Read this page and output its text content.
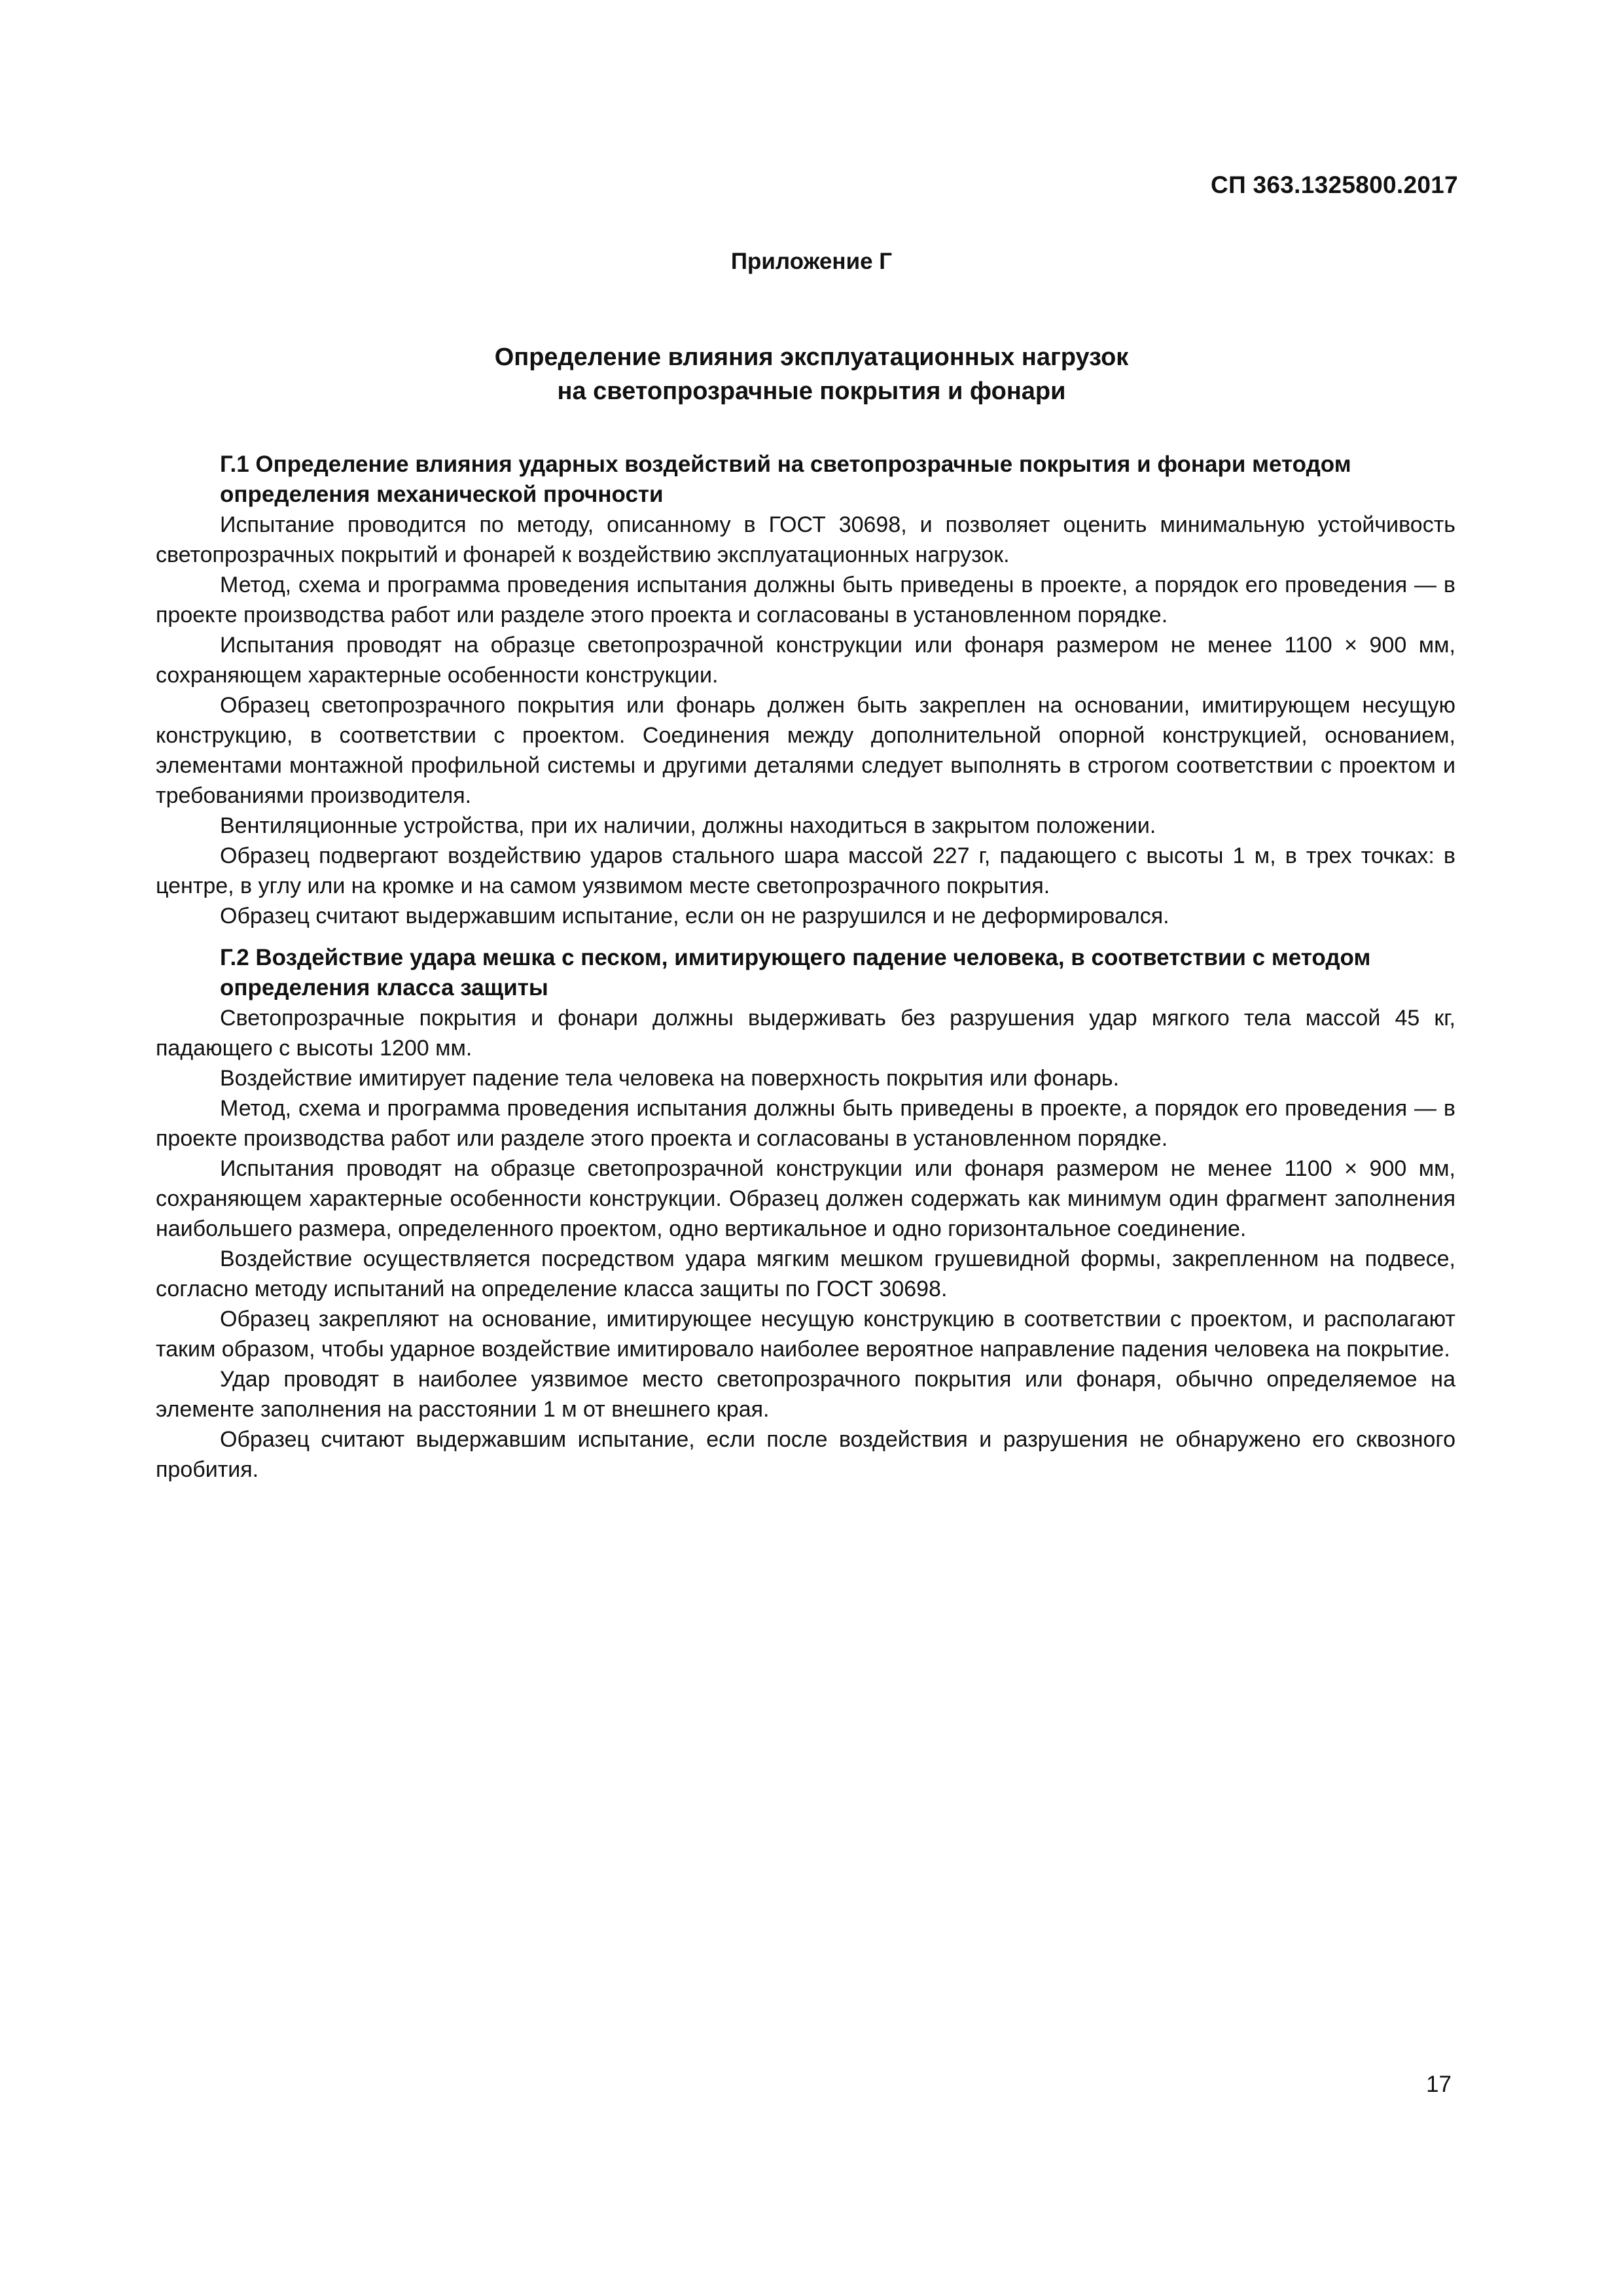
СП 363.1325800.2017
Приложение Г
Определение влияния эксплуатационных нагрузок
на светопрозрачные покрытия и фонари

Г.1 Определение влияния ударных воздействий на светопрозрачные покрытия и фонари методом определения механической прочности

Испытание проводится по методу, описанному в ГОСТ 30698, и позволяет оценить минимальную устойчивость светопрозрачных покрытий и фонарей к воздействию эксплуатационных нагрузок.

Метод, схема и программа проведения испытания должны быть приведены в проекте, а порядок его проведения — в проекте производства работ или разделе этого проекта и согласованы в установленном порядке.

Испытания проводят на образце светопрозрачной конструкции или фонаря размером не менее 1100 × 900 мм, сохраняющем характерные особенности конструкции.

Образец светопрозрачного покрытия или фонарь должен быть закреплен на основании, имитирующем несущую конструкцию, в соответствии с проектом. Соединения между дополнительной опорной конструкцией, основанием, элементами монтажной профильной системы и другими деталями следует выполнять в строгом соответствии с проектом и требованиями производителя.

Вентиляционные устройства, при их наличии, должны находиться в закрытом положении.

Образец подвергают воздействию ударов стального шара массой 227 г, падающего с высоты 1 м, в трех точках: в центре, в углу или на кромке и на самом уязвимом месте светопрозрачного покрытия.

Образец считают выдержавшим испытание, если он не разрушился и не деформировался.

Г.2 Воздействие удара мешка с песком, имитирующего падение человека, в соответствии с методом определения класса защиты

Светопрозрачные покрытия и фонари должны выдерживать без разрушения удар мягкого тела массой 45 кг, падающего с высоты 1200 мм.

Воздействие имитирует падение тела человека на поверхность покрытия или фонарь.

Метод, схема и программа проведения испытания должны быть приведены в проекте, а порядок его проведения — в проекте производства работ или разделе этого проекта и согласованы в установленном порядке.

Испытания проводят на образце светопрозрачной конструкции или фонаря размером не менее 1100 × 900 мм, сохраняющем характерные особенности конструкции. Образец должен содержать как минимум один фрагмент заполнения наибольшего размера, определенного проектом, одно вертикальное и одно горизонтальное соединение.

Воздействие осуществляется посредством удара мягким мешком грушевидной формы, закрепленном на подвесе, согласно методу испытаний на определение класса защиты по ГОСТ 30698.

Образец закрепляют на основание, имитирующее несущую конструкцию в соответствии с проектом, и располагают таким образом, чтобы ударное воздействие имитировало наиболее вероятное направление падения человека на покрытие.

Удар проводят в наиболее уязвимое место светопрозрачного покрытия или фонаря, обычно определяемое на элементе заполнения на расстоянии 1 м от внешнего края.

Образец считают выдержавшим испытание, если после воздействия и разрушения не обнаружено его сквозного пробития.

17
